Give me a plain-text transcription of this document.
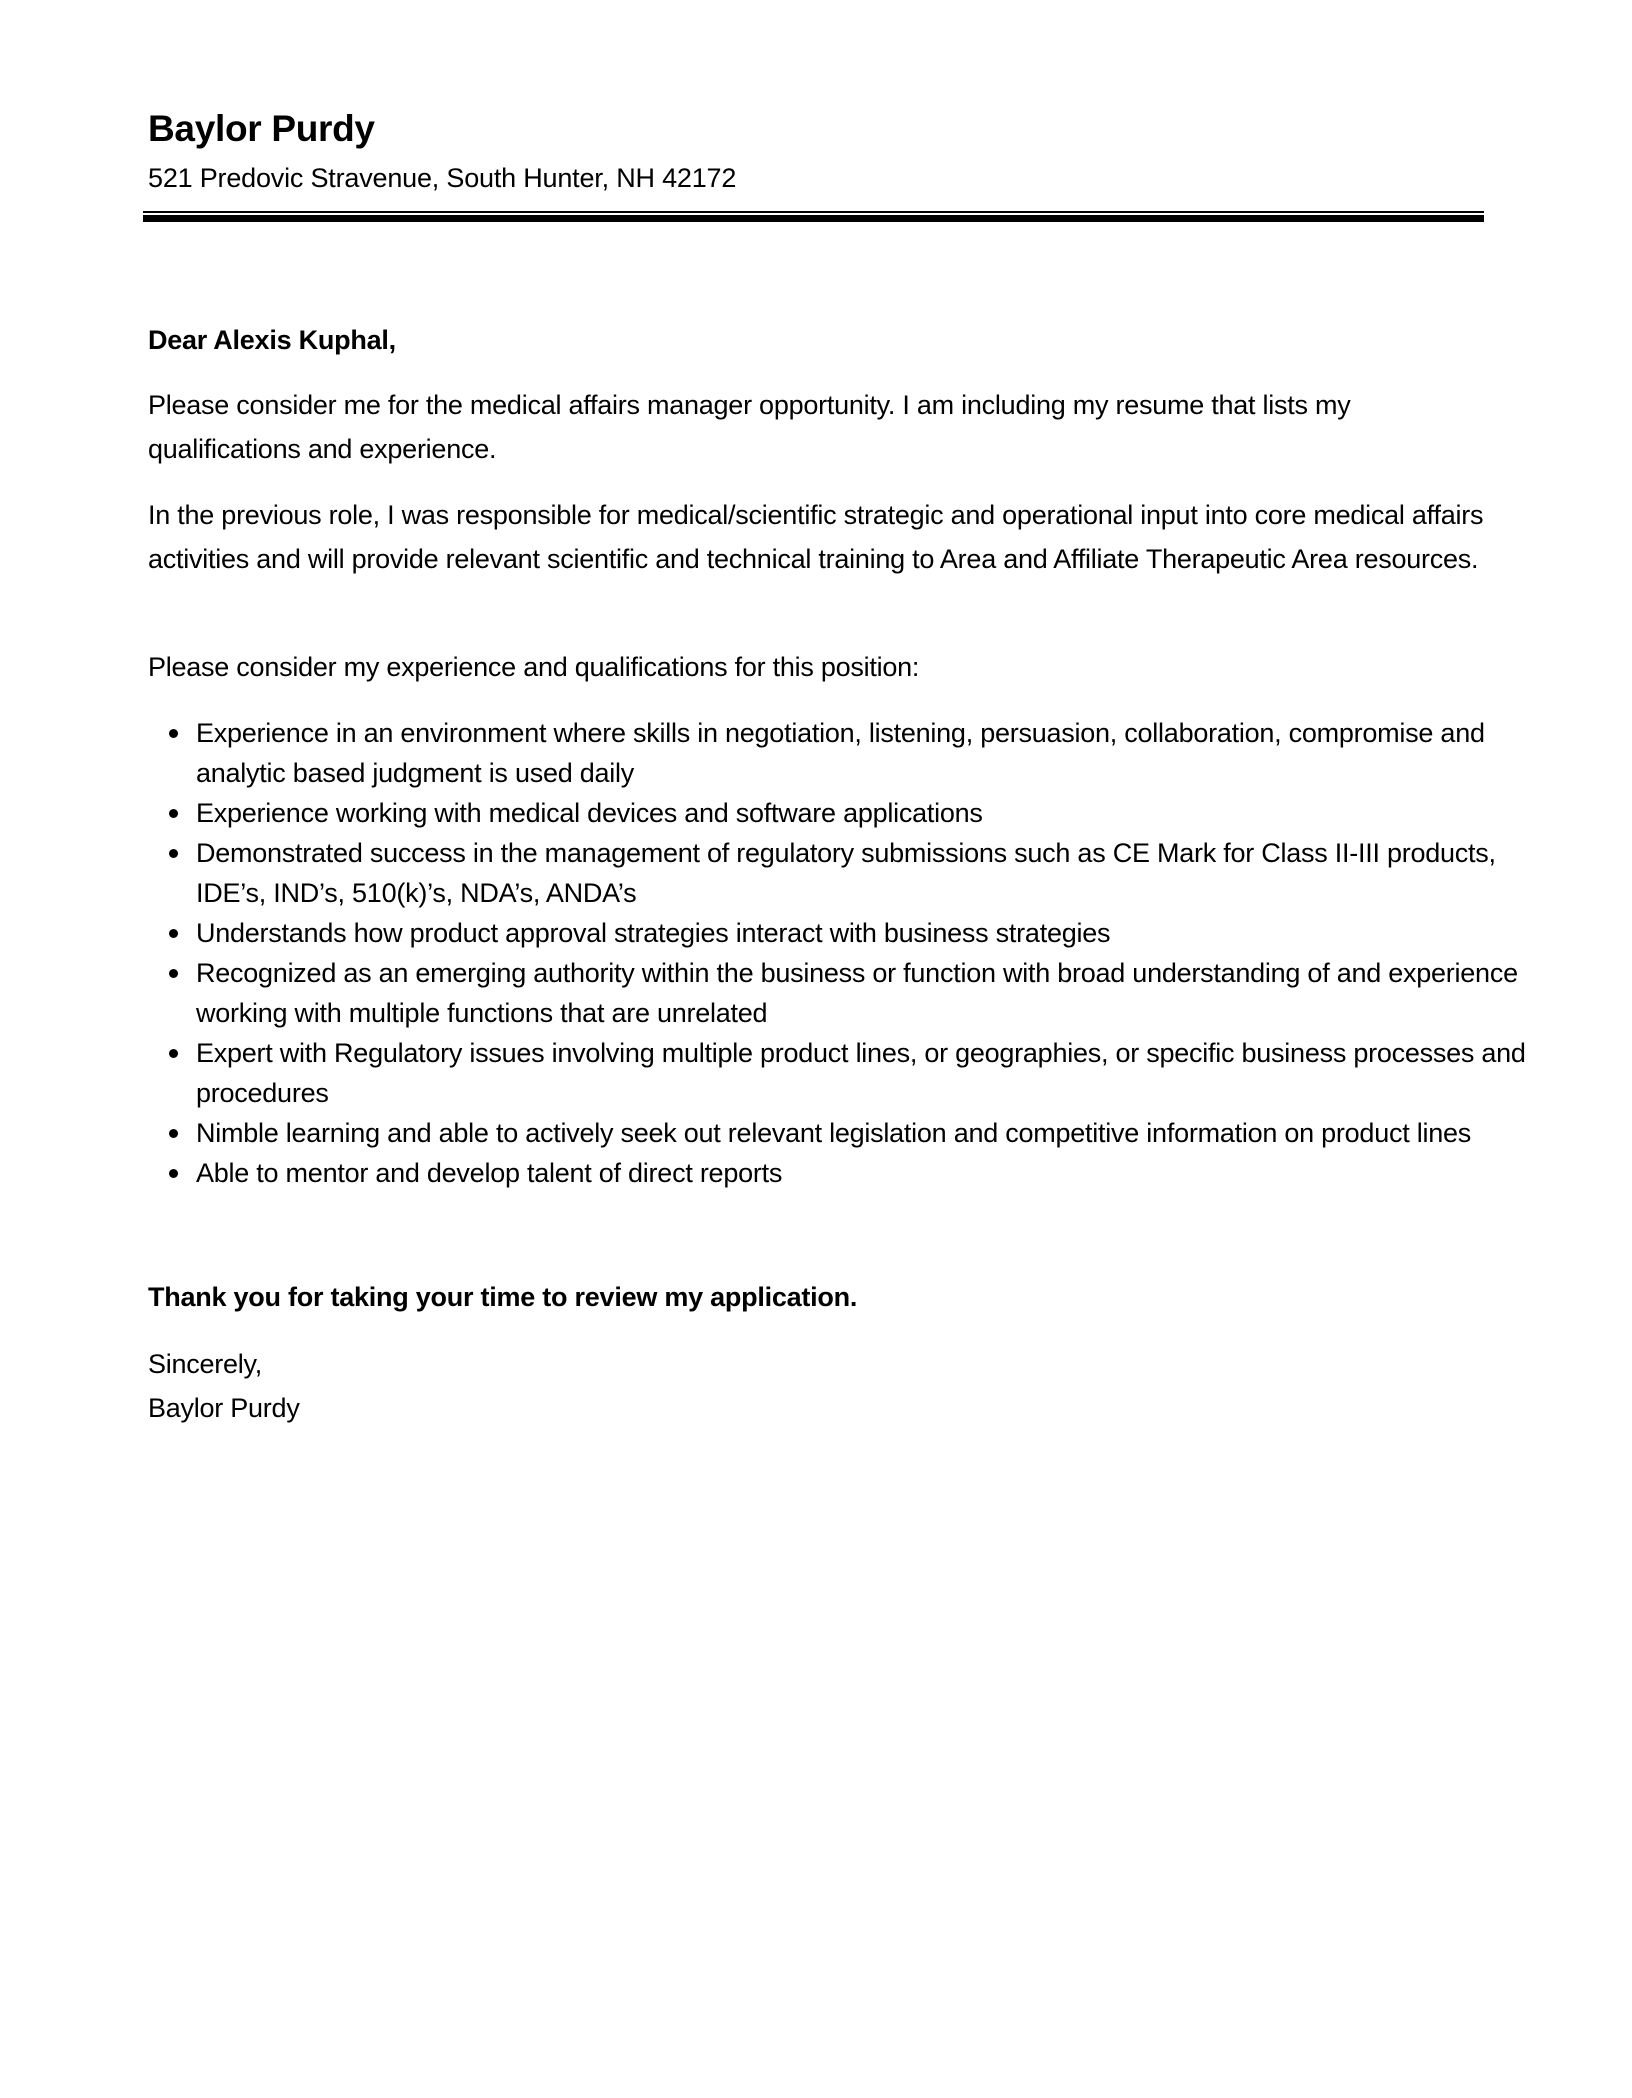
Baylor Purdy
521 Predovic Stravenue, South Hunter, NH 42172
Dear Alexis Kuphal,
Please consider me for the medical affairs manager opportunity. I am including my resume that lists my qualifications and experience.
In the previous role, I was responsible for medical/scientific strategic and operational input into core medical affairs activities and will provide relevant scientific and technical training to Area and Affiliate Therapeutic Area resources.
Please consider my experience and qualifications for this position:
Experience in an environment where skills in negotiation, listening, persuasion, collaboration, compromise and analytic based judgment is used daily
Experience working with medical devices and software applications
Demonstrated success in the management of regulatory submissions such as CE Mark for Class II-III products, IDE’s, IND’s, 510(k)’s, NDA’s, ANDA’s
Understands how product approval strategies interact with business strategies
Recognized as an emerging authority within the business or function with broad understanding of and experience working with multiple functions that are unrelated
Expert with Regulatory issues involving multiple product lines, or geographies, or specific business processes and procedures
Nimble learning and able to actively seek out relevant legislation and competitive information on product lines
Able to mentor and develop talent of direct reports
Thank you for taking your time to review my application.
Sincerely,
Baylor Purdy
